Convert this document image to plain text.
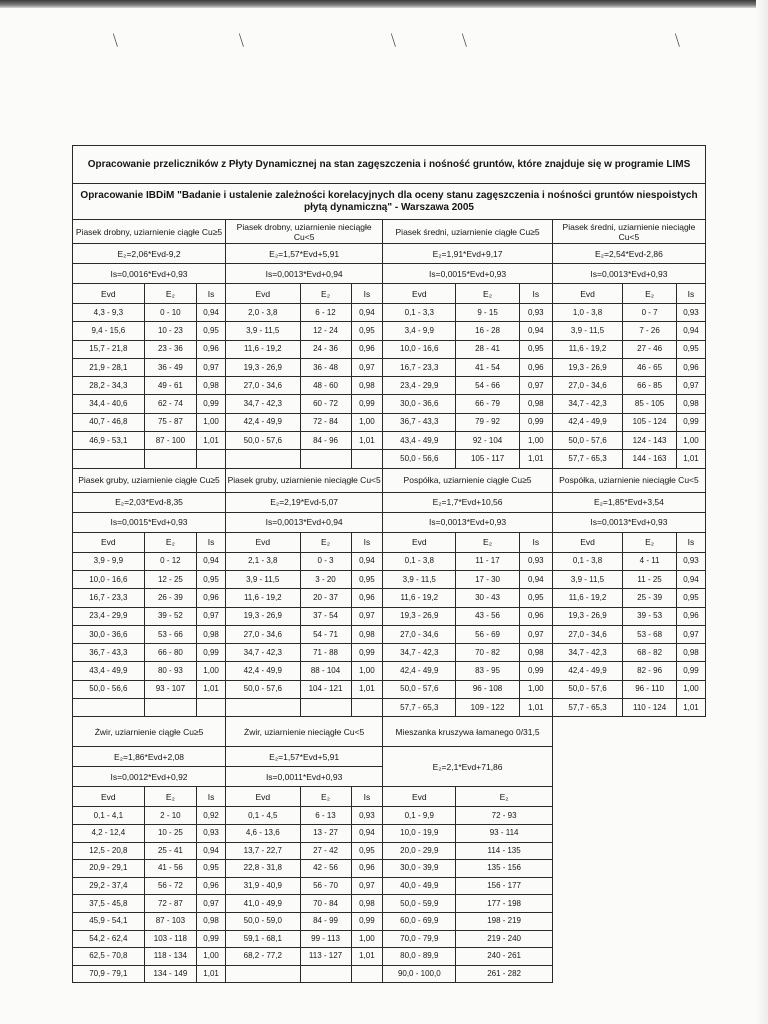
⟋	⟋	⟋	⟋	⟋
Opracowanie przeliczników z Płyty Dynamicznej na stan zagęszczenia i nośność gruntów, które znajduje się w programie LIMS											
Opracowanie IBDiM "Badanie i ustalenie zależności korelacyjnych dla oceny stanu zagęszczenia i nośności gruntów niespoistych płytą dynamiczną" - Warszawa 2005											
Piasek drobny, uziarnienie ciągłe Cu≥5			Piasek drobny, uziarnienie nieciągłe Cu<5			Piasek średni, uziarnienie ciągłe Cu≥5			Piasek średni, uziarnienie nieciągłe Cu<5		
E₂=2,06*Evd-9,2			E₂=1,57*Evd+5,91			E₂=1,91*Evd+9,17			E₂=2,54*Evd-2,86		
Is=0,0016*Evd+0,93			Is=0,0013*Evd+0,94			Is=0,0015*Evd+0,93			Is=0,0013*Evd+0,93		
Evd	E₂	Is	Evd	E₂	Is	Evd	E₂	Is	Evd	E₂	Is
4,3 - 9,3	0 - 10	0,94	2,0 - 3,8	6 - 12	0,94	0,1 - 3,3	9 - 15	0,93	1,0 - 3,8	0 - 7	0,93
9,4 - 15,6	10 - 23	0,95	3,9 - 11,5	12 - 24	0,95	3,4 - 9,9	16 - 28	0,94	3,9 - 11,5	7 - 26	0,94
15,7 - 21,8	23 - 36	0,96	11,6 - 19,2	24 - 36	0,96	10,0 - 16,6	28 - 41	0,95	11,6 - 19,2	27 - 46	0,95
21,9 - 28,1	36 - 49	0,97	19,3 - 26,9	36 - 48	0,97	16,7 - 23,3	41 - 54	0,96	19,3 - 26,9	46 - 65	0,96
28,2 - 34,3	49 - 61	0,98	27,0 - 34,6	48 - 60	0,98	23,4 - 29,9	54 - 66	0,97	27,0 - 34,6	66 - 85	0,97
34,4 - 40,6	62 - 74	0,99	34,7 - 42,3	60 - 72	0,99	30,0 - 36,6	66 - 79	0,98	34,7 - 42,3	85 - 105	0,98
40,7 - 46,8	75 - 87	1,00	42,4 - 49,9	72 - 84	1,00	36,7 - 43,3	79 - 92	0,99	42,4 - 49,9	105 - 124	0,99
46,9 - 53,1	87 - 100	1,01	50,0 - 57,6	84 - 96	1,01	43,4 - 49,9	92 - 104	1,00	50,0 - 57,6	124 - 143	1,00
						50,0 - 56,6	105 - 117	1,01	57,7 - 65,3	144 - 163	1,01
Piasek gruby, uziarnienie ciągłe Cu≥5			Piasek gruby, uziarnienie nieciągłe Cu<5			Pospółka, uziarnienie ciągłe Cu≥5			Pospółka, uziarnienie nieciągłe Cu<5		
E₂=2,03*Evd-8,35			E₂=2,19*Evd-5,07			E₂=1,7*Evd+10,56			E₂=1,85*Evd+3,54		
Is=0,0015*Evd+0,93			Is=0,0013*Evd+0,94			Is=0,0013*Evd+0,93			Is=0,0013*Evd+0,93		
Evd	E₂	Is	Evd	E₂	Is	Evd	E₂	Is	Evd	E₂	Is
3,9 - 9,9	0 - 12	0,94	2,1 - 3,8	0 - 3	0,94	0,1 - 3,8	11 - 17	0,93	0,1 - 3,8	4 - 11	0,93
10,0 - 16,6	12 - 25	0,95	3,9 - 11,5	3 - 20	0,95	3,9 - 11,5	17 - 30	0,94	3,9 - 11,5	11 - 25	0,94
16,7 - 23,3	26 - 39	0,96	11,6 - 19,2	20 - 37	0,96	11,6 - 19,2	30 - 43	0,95	11,6 - 19,2	25 - 39	0,95
23,4 - 29,9	39 - 52	0,97	19,3 - 26,9	37 - 54	0,97	19,3 - 26,9	43 - 56	0,96	19,3 - 26,9	39 - 53	0,96
30,0 - 36,6	53 - 66	0,98	27,0 - 34,6	54 - 71	0,98	27,0 - 34,6	56 - 69	0,97	27,0 - 34,6	53 - 68	0,97
36,7 - 43,3	66 - 80	0,99	34,7 - 42,3	71 - 88	0,99	34,7 - 42,3	70 - 82	0,98	34,7 - 42,3	68 - 82	0,98
43,4 - 49,9	80 - 93	1,00	42,4 - 49,9	88 - 104	1,00	42,4 - 49,9	83 - 95	0,99	42,4 - 49,9	82 - 96	0,99
50,0 - 56,6	93 - 107	1,01	50,0 - 57,6	104 - 121	1,01	50,0 - 57,6	96 - 108	1,00	50,0 - 57,6	96 - 110	1,00
						57,7 - 65,3	109 - 122	1,01	57,7 - 65,3	110 - 124	1,01
Żwir, uziarnienie ciągłe Cu≥5			Żwir, uziarnienie nieciągłe Cu<5			Mieszanka kruszywa łamanego 0/31,5					
E₂=1,86*Evd+2,08			E₂=1,57*Evd+5,91			E₂=2,1*Evd+71,86					
Is=0,0012*Evd+0,92			Is=0,0011*Evd+0,93								
Evd	E₂	Is	Evd	E₂	Is	Evd	E₂				
0,1 - 4,1	2 - 10	0,92	0,1 - 4,5	6 - 13	0,93	0,1 - 9,9	72 - 93				
4,2 - 12,4	10 - 25	0,93	4,6 - 13,6	13 - 27	0,94	10,0 - 19,9	93 - 114				
12,5 - 20,8	25 - 41	0,94	13,7 - 22,7	27 - 42	0,95	20,0 - 29,9	114 - 135				
20,9 - 29,1	41 - 56	0,95	22,8 - 31,8	42 - 56	0,96	30,0 - 39,9	135 - 156				
29,2 - 37,4	56 - 72	0,96	31,9 - 40,9	56 - 70	0,97	40,0 - 49,9	156 - 177				
37,5 - 45,8	72 - 87	0,97	41,0 - 49,9	70 - 84	0,98	50,0 - 59,9	177 - 198				
45,9 - 54,1	87 - 103	0,98	50,0 - 59,0	84 - 99	0,99	60,0 - 69,9	198 - 219				
54,2 - 62,4	103 - 118	0,99	59,1 - 68,1	99 - 113	1,00	70,0 - 79,9	219 - 240				
62,5 - 70,8	118 - 134	1,00	68,2 - 77,2	113 - 127	1,01	80,0 - 89,9	240 - 261				
70,9 - 79,1	134 - 149	1,01				90,0 - 100,0	261 - 282				
